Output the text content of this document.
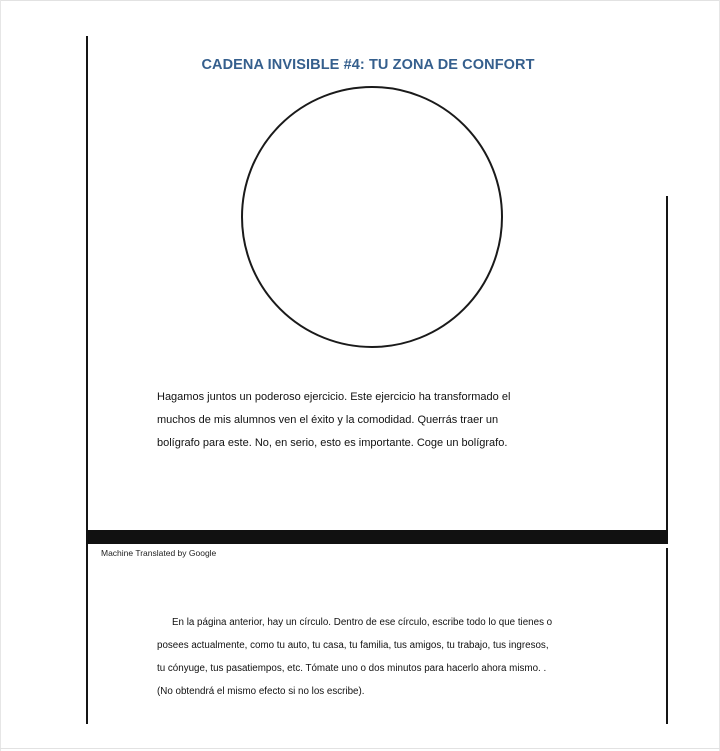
CADENA INVISIBLE #4: TU ZONA DE CONFORT
Hagamos juntos un poderoso ejercicio. Este ejercicio ha transformado el
muchos de mis alumnos ven el éxito y la comodidad. Querrás traer un
bolígrafo para este. No, en serio, esto es importante. Coge un bolígrafo.
Machine Translated by Google
En la página anterior, hay un círculo. Dentro de ese círculo, escribe todo lo que tienes o
posees actualmente, como tu auto, tu casa, tu familia, tus amigos, tu trabajo, tus ingresos,
tu cónyuge, tus pasatiempos, etc. Tómate uno o dos minutos para hacerlo ahora mismo. .
(No obtendrá el mismo efecto si no los escribe).
